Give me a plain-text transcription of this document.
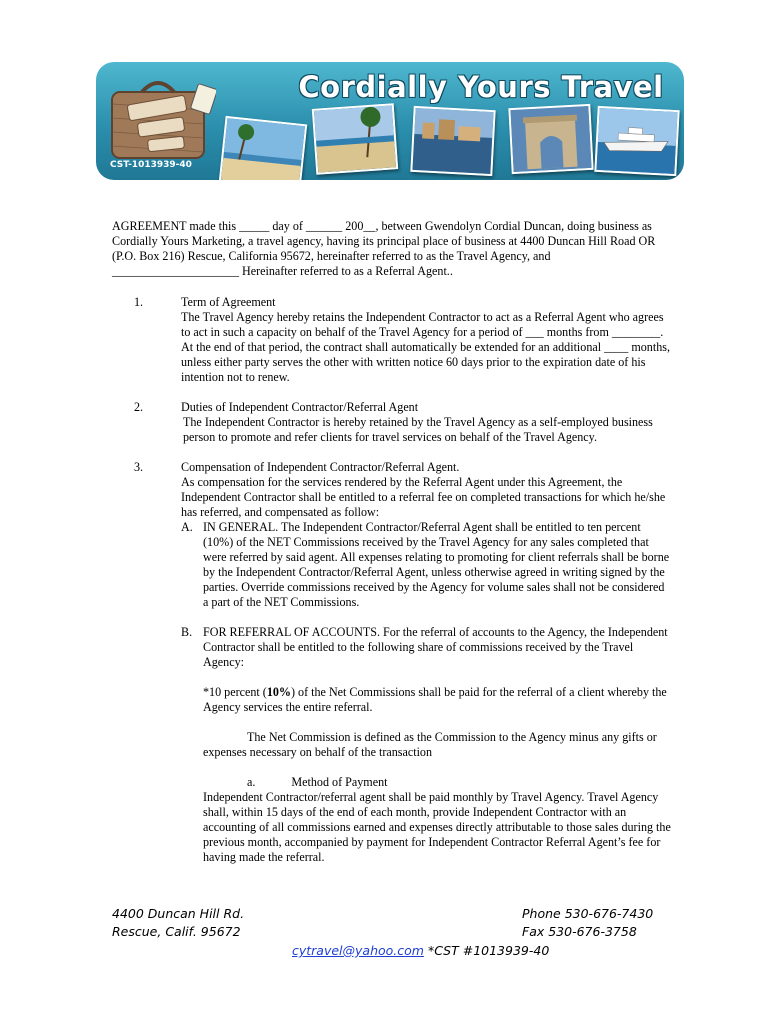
CST-1013939-40
Cordially Yours Travel

AGREEMENT made this _____ day of ______ 200__, between Gwendolyn Cordial Duncan, doing business as Cordially Yours Marketing, a travel agency, having its principal place of business at 4400 Duncan Hill Road OR (P.O. Box 216) Rescue, California 95672, hereinafter referred to as the Travel Agency, and _____________________ Hereinafter referred to as a Referral Agent..

1.	Term of Agreement

The Travel Agency hereby retains the Independent Contractor to act as a Referral Agent who agrees to act in such a capacity on behalf of the Travel Agency for a period of ___ months from ________. At the end of that period, the contract shall automatically be extended for an additional ____ months, unless either party serves the other with written notice 60 days prior to the expiration date of his intention not to renew.

2.	Duties of Independent Contractor/Referral Agent

The Independent Contractor is hereby retained by the Travel Agency as a self-employed business person to promote and refer clients for travel services on behalf of the Travel Agency.

3.	Compensation of Independent Contractor/Referral Agent.

As compensation for the services rendered by the Referral Agent under this Agreement, the Independent Contractor shall be entitled to a referral fee on completed transactions for which he/she has referred, and compensated as follow:

A. IN GENERAL. The Independent Contractor/Referral Agent shall be entitled to ten percent (10%) of the NET Commissions received by the Travel Agency for any sales completed that were referred by said agent. All expenses relating to promoting for client referrals shall be borne by the Independent Contractor/Referral Agent, unless otherwise agreed in writing signed by the parties. Override commissions received by the Agency for volume sales shall not be considered a part of the NET Commissions.

B. FOR REFERRAL OF ACCOUNTS. For the referral of accounts to the Agency, the Independent Contractor shall be entitled to the following share of commissions received by the Travel Agency:

*10 percent (10%) of the Net Commissions shall be paid for the referral of a client whereby the Agency services the entire referral.

The Net Commission is defined as the Commission to the Agency minus any gifts or expenses necessary on behalf of the transaction

a.	Method of Payment

Independent Contractor/referral agent shall be paid monthly by Travel Agency. Travel Agency shall, within 15 days of the end of each month, provide Independent Contractor with an accounting of all commissions earned and expenses directly attributable to those sales during the previous month, accompanied by payment for Independent Contractor Referral Agent’s fee for having made the referral.

4400 Duncan Hill Rd.
Rescue, Calif. 95672
Phone 530-676-7430
Fax 530-676-3758
cytravel@yahoo.com *CST #1013939-40
